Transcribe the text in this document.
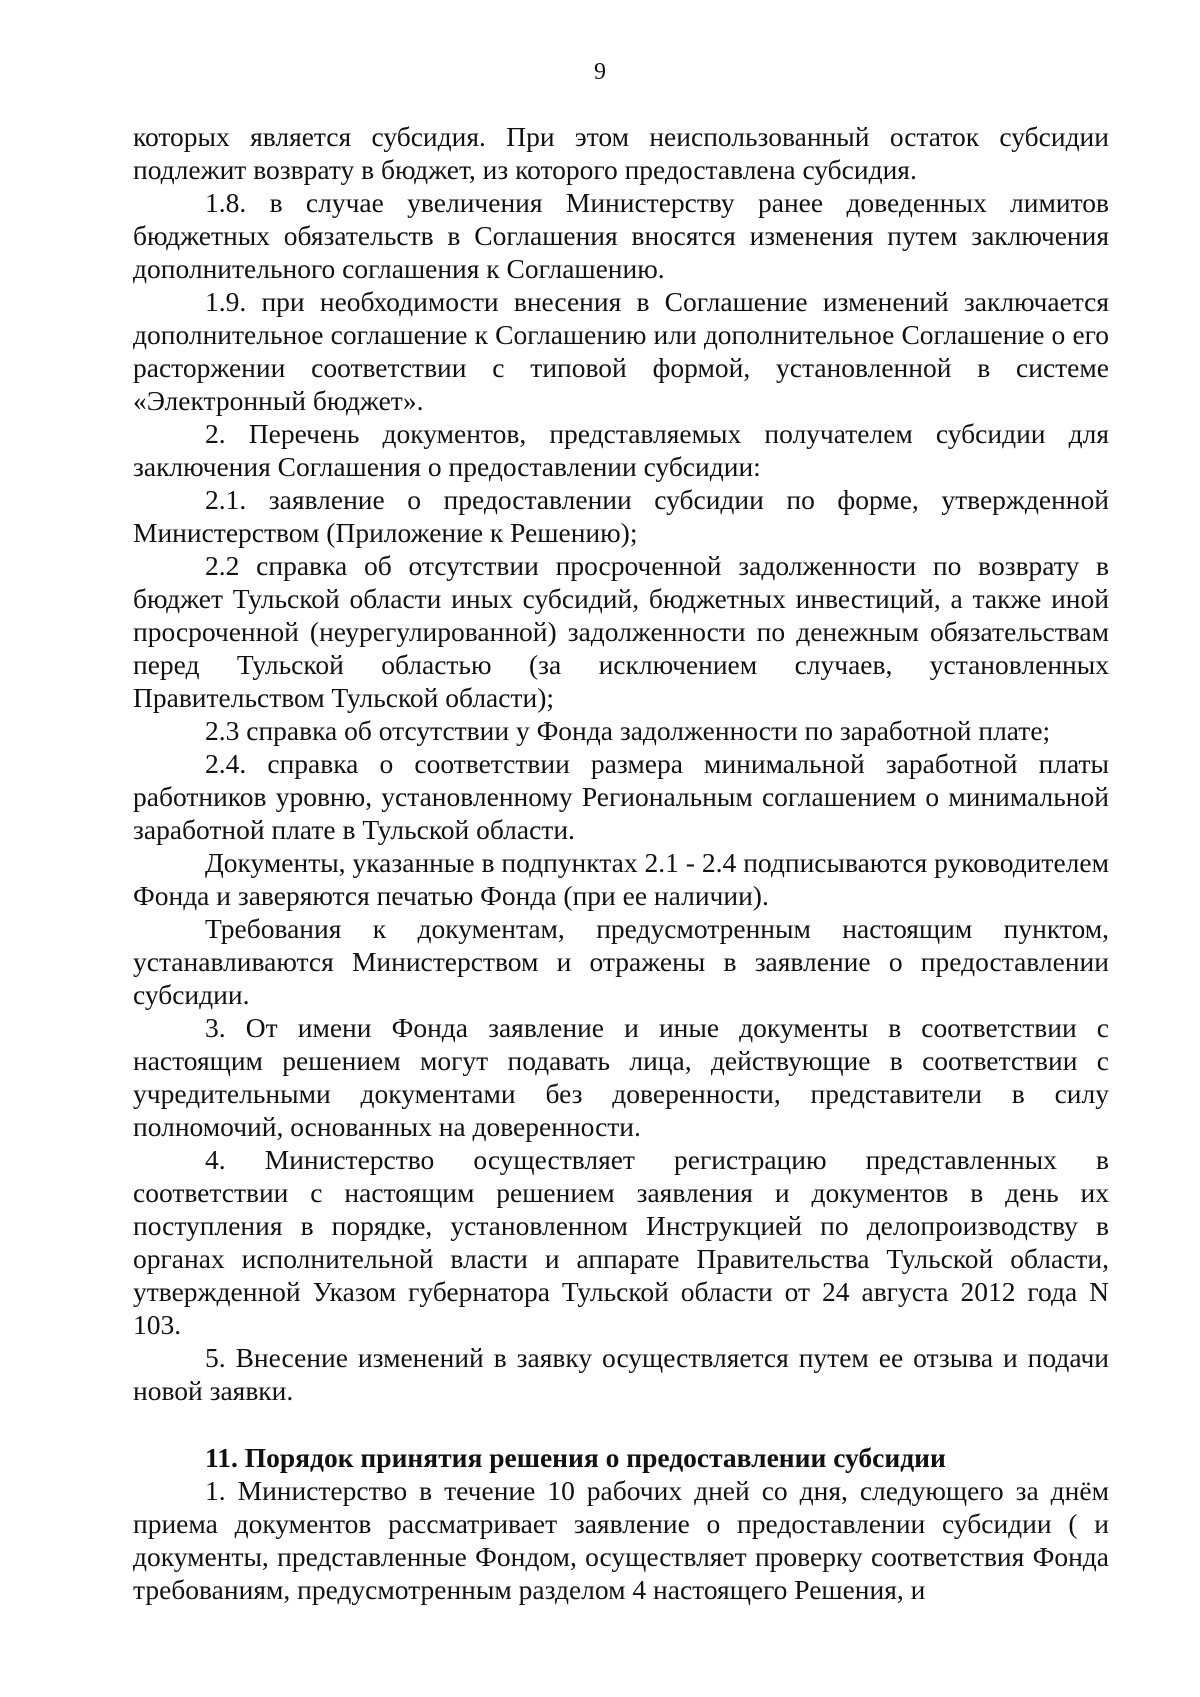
9

которых является субсидия. При этом неиспользованный остаток субсидии подлежит возврату в бюджет, из которого предоставлена субсидия.

1.8. в случае увеличения Министерству ранее доведенных лимитов бюджетных обязательств в Соглашения вносятся изменения путем заключения дополнительного соглашения к Соглашению.

1.9. при необходимости внесения в Соглашение изменений заключается дополнительное соглашение к Соглашению или дополнительное Соглашение о его расторжении соответствии с типовой формой, установленной в системе «Электронный бюджет».

2. Перечень документов, представляемых получателем субсидии для заключения Соглашения о предоставлении субсидии:

2.1. заявление о предоставлении субсидии по форме, утвержденной Министерством (Приложение к Решению);

2.2 справка об отсутствии просроченной задолженности по возврату в бюджет Тульской области иных субсидий, бюджетных инвестиций, а также иной просроченной (неурегулированной) задолженности по денежным обязательствам перед Тульской областью (за исключением случаев, установленных Правительством Тульской области);

2.3 справка об отсутствии у Фонда задолженности по заработной плате;

2.4. справка о соответствии размера минимальной заработной платы работников уровню, установленному Региональным соглашением о минимальной заработной плате в Тульской области.

Документы, указанные в подпунктах 2.1 - 2.4 подписываются руководителем Фонда и заверяются печатью Фонда (при ее наличии).

Требования к документам, предусмотренным настоящим пунктом, устанавливаются Министерством и отражены в заявление о предоставлении субсидии.

3. От имени Фонда заявление и иные документы в соответствии с настоящим решением могут подавать лица, действующие в соответствии с учредительными документами без доверенности, представители в силу полномочий, основанных на доверенности.

4. Министерство осуществляет регистрацию представленных в соответствии с настоящим решением заявления и документов в день их поступления в порядке, установленном Инструкцией по делопроизводству в органах исполнительной власти и аппарате Правительства Тульской области, утвержденной Указом губернатора Тульской области от 24 августа 2012 года N 103.

5. Внесение изменений в заявку осуществляется путем ее отзыва и подачи новой заявки.

11. Порядок принятия решения о предоставлении субсидии

1. Министерство в течение 10 рабочих дней со дня, следующего за днём приема документов рассматривает заявление о предоставлении субсидии ( и документы, представленные Фондом, осуществляет проверку соответствия Фонда требованиям, предусмотренным разделом 4 настоящего Решения, и
